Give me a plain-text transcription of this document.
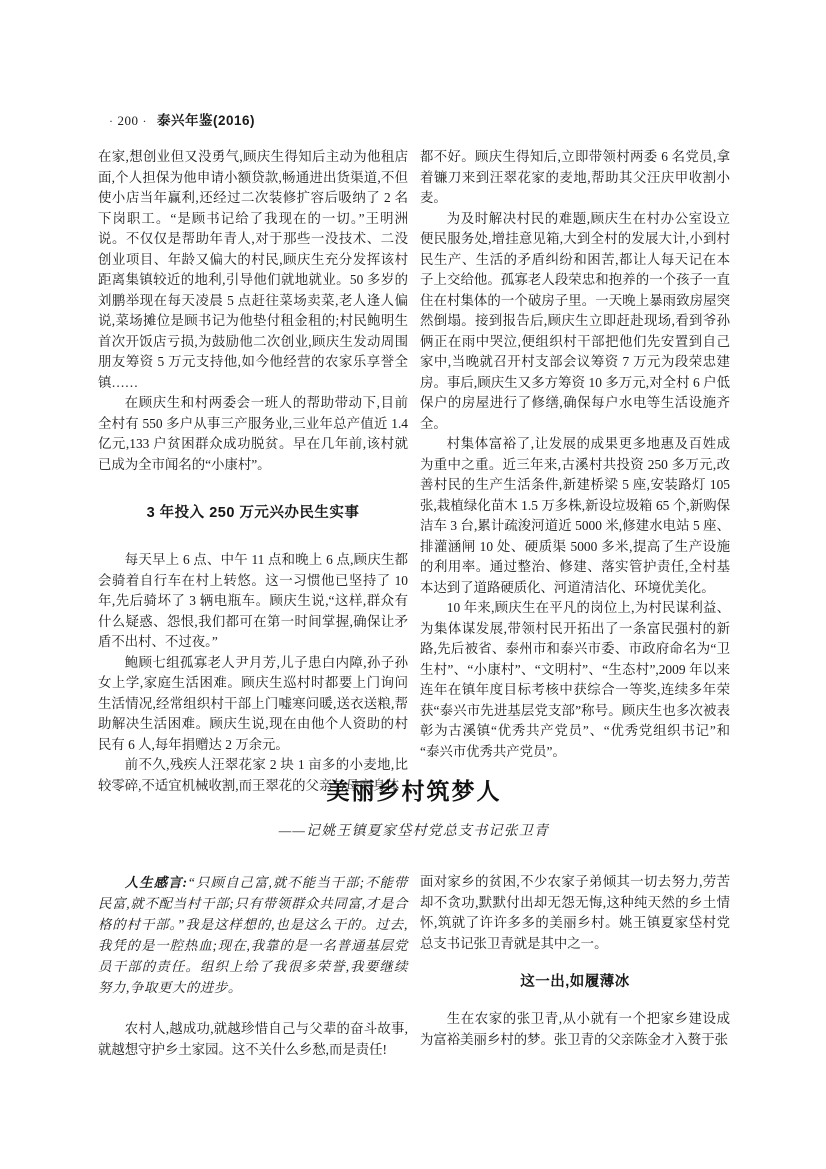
· 200 · 泰兴年鉴(2016)

在家,想创业但又没勇气,顾庆生得知后主动为他租店面,个人担保为他申请小额贷款,畅通进出货渠道,不但使小店当年赢利,还经过二次装修扩容后吸纳了 2 名下岗职工。“是顾书记给了我现在的一切。”王明洲说。不仅仅是帮助年青人,对于那些一没技术、二没创业项目、年龄又偏大的村民,顾庆生充分发挥该村距离集镇较近的地利,引导他们就地就业。50 多岁的刘鹏举现在每天凌晨 5 点赶往菜场卖菜,老人逢人偏说,菜场摊位是顾书记为他垫付租金租的;村民鲍明生首次开饭店亏损,为鼓励他二次创业,顾庆生发动周围朋友筹资 5 万元支持他,如今他经营的农家乐享誉全镇……

在顾庆生和村两委会一班人的帮助带动下,目前全村有 550 多户从事三产服务业,三业年总产值近 1.4 亿元,133 户贫困群众成功脱贫。早在几年前,该村就已成为全市闻名的“小康村”。

3 年投入 250 万元兴办民生实事

每天早上 6 点、中午 11 点和晚上 6 点,顾庆生都会骑着自行车在村上转悠。这一习惯他已坚持了 10 年,先后骑坏了 3 辆电瓶车。顾庆生说,“这样,群众有什么疑惑、怨恨,我们都可在第一时间掌握,确保让矛盾不出村、不过夜。”

鲍顾七组孤寡老人尹月芳,儿子患白内障,孙子孙女上学,家庭生活困难。顾庆生巡村时都要上门询问生活情况,经常组织村干部上门嘘寒问暖,送衣送粮,帮助解决生活困难。顾庆生说,现在由他个人资助的村民有 6 人,每年捐赠达 2 万余元。

前不久,残疾人汪翠花家 2 块 1 亩多的小麦地,比较零碎,不适宜机械收割,而王翠花的父亲与母亲身体

都不好。顾庆生得知后,立即带领村两委 6 名党员,拿着镰刀来到汪翠花家的麦地,帮助其父汪庆甲收割小麦。

为及时解决村民的难题,顾庆生在村办公室设立便民服务处,增挂意见箱,大到全村的发展大计,小到村民生产、生活的矛盾纠纷和困苦,都让人每天记在本子上交给他。孤寡老人段荣忠和抱养的一个孩子一直住在村集体的一个破房子里。一天晚上暴雨致房屋突然倒塌。接到报告后,顾庆生立即赶赴现场,看到爷孙俩正在雨中哭泣,便组织村干部把他们先安置到自己家中,当晚就召开村支部会议筹资 7 万元为段荣忠建房。事后,顾庆生又多方筹资 10 多万元,对全村 6 户低保户的房屋进行了修缮,确保每户水电等生活设施齐全。

村集体富裕了,让发展的成果更多地惠及百姓成为重中之重。近三年来,古溪村共投资 250 多万元,改善村民的生产生活条件,新建桥梁 5 座,安装路灯 105 张,栽植绿化苗木 1.5 万多株,新设垃圾箱 65 个,新购保洁车 3 台,累计疏浚河道近 5000 米,修建水电站 5 座、排灌涵闸 10 处、硬质渠 5000 多米,提高了生产设施的利用率。通过整治、修建、落实管护责任,全村基本达到了道路硬质化、河道清洁化、环境优美化。

10 年来,顾庆生在平凡的岗位上,为村民谋利益、为集体谋发展,带领村民开拓出了一条富民强村的新路,先后被省、泰州市和泰兴市委、市政府命名为“卫生村”、“小康村”、“文明村”、“生态村”,2009 年以来连年在镇年度目标考核中获综合一等奖,连续多年荣获“泰兴市先进基层党支部”称号。顾庆生也多次被表彰为古溪镇“优秀共产党员”、“优秀党组织书记”和“泰兴市优秀共产党员”。

美丽乡村筑梦人
——记姚王镇夏家垈村党总支书记张卫青

人生感言:“只顾自己富,就不能当干部;不能带民富,就不配当村干部;只有带领群众共同富,才是合格的村干部。”我是这样想的,也是这么干的。过去,我凭的是一腔热血;现在,我靠的是一名普通基层党员干部的责任。组织上给了我很多荣誉,我要继续努力,争取更大的进步。

农村人,越成功,就越珍惜自己与父辈的奋斗故事,就越想守护乡土家园。这不关什么乡愁,而是责任!

面对家乡的贫困,不少农家子弟倾其一切去努力,劳苦却不贪功,默默付出却无怨无悔,这种纯天然的乡土情怀,筑就了许许多多的美丽乡村。姚王镇夏家垈村党总支书记张卫青就是其中之一。

这一出,如履薄冰

生在农家的张卫青,从小就有一个把家乡建设成为富裕美丽乡村的梦。张卫青的父亲陈金才入赘于张
